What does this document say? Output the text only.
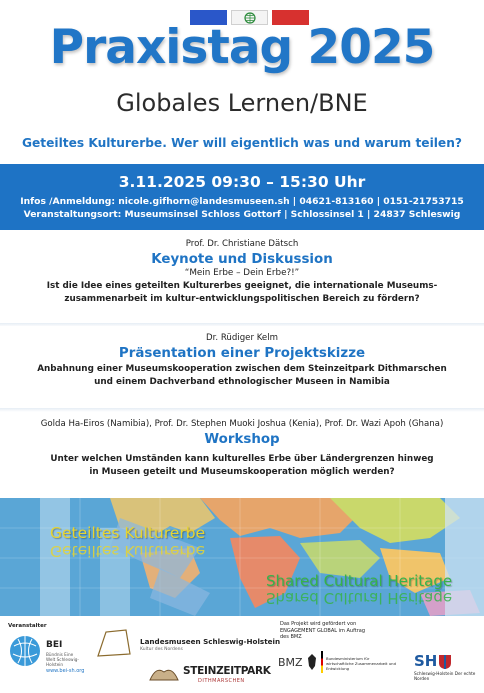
Praxistag 2025
Globales Lernen/BNE
Geteiltes Kulturerbe. Wer will eigentlich was und warum teilen?
3.11.2025 09:30 – 15:30 Uhr
Infos /Anmeldung: nicole.gifhorn@landesmuseen.sh | 04621-813160 | 0151-21753715
Veranstaltungsort: Museumsinsel Schloss Gottorf | Schlossinsel 1 | 24837 Schleswig
Prof. Dr. Christiane Dätsch
Keynote und Diskussion
“Mein Erbe – Dein Erbe?!”
Ist die Idee eines geteilten Kulturerbes geeignet, die internationale Museums-
zusammenarbeit im kultur-entwicklungspolitischen Bereich zu fördern?
Dr. Rüdiger Kelm
Präsentation einer Projektskizze
Anbahnung einer Museumskooperation zwischen dem Steinzeitpark Dithmarschen
und einem Dachverband ethnologischer Museen in Namibia
Golda Ha-Eiros (Namibia), Prof. Dr. Stephen Muoki Joshua (Kenia), Prof. Dr. Wazi Apoh (Ghana)
Workshop
Unter welchen Umständen kann kulturelles Erbe über Ländergrenzen hinweg
in Museen geteilt und Museumskooperation möglich werden?
Geteiltes Kulturerbe
Geteiltes Kulturerbe
Shared Cultural Heritage
Shared Cultural Heritage
Veranstalter
BEI
Bündnis Eine Welt Schleswig-Holstein
www.bei-sh.org
Landesmuseen Schleswig-Holstein
Kultur des Nordens
STEINZEITPARK
DITHMARSCHEN
Das Projekt wird gefördert von ENGAGEMENT GLOBAL im Auftrag des BMZ
BMZ	Bundesministerium für wirtschaftliche Zusammenarbeit und Entwicklung	SH
Schleswig-Holstein Der echte Norden
